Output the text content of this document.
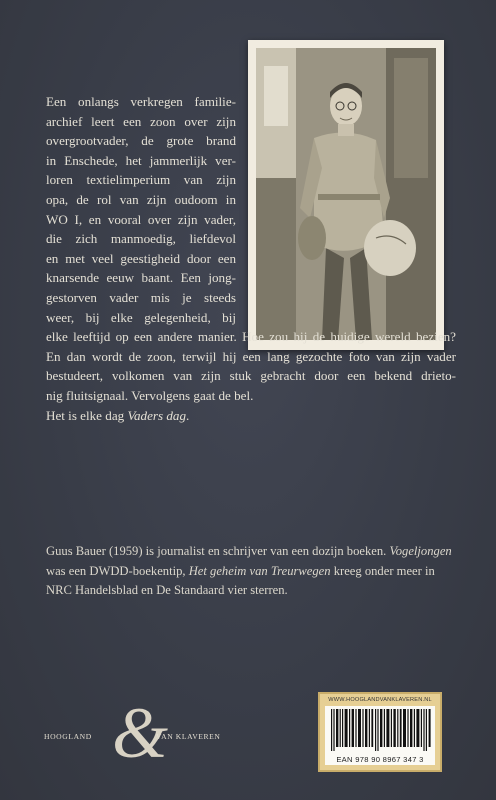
Een onlangs verkregen familie-
archief leert een zoon over zijn
overgrootvader, de grote brand
in Enschede, het jammerlijk ver-
loren textielimperium van zijn
opa, de rol van zijn oudoom in
WO I, en vooral over zijn vader,
die zich manmoedig, liefdevol
en met veel geestigheid door een
knarsende eeuw baant. Een jong-
gestorven vader mis je steeds
weer, bij elke gelegenheid, bij
elke leeftijd op een andere manier. Hoe zou hij de huidige wereld bezien?
En dan wordt de zoon, terwijl hij een lang gezochte foto van zijn vader
bestudeert, volkomen van zijn stuk gebracht door een bekend drieto-
nig fluitsignaal. Vervolgens gaat de bel.
Het is elke dag Vaders dag.
Guus Bauer (1959) is journalist en schrijver van een dozijn boeken. Vogeljongen
was een DWDD-boekentip, Het geheim van Treurwegen kreeg onder meer in
NRC Handelsblad en De Standaard vier sterren.
&
HOOGLAND	VAN KLAVEREN
WWW.HOOGLANDVANKLAVEREN.NL
EAN 978 90 8967 347 3
